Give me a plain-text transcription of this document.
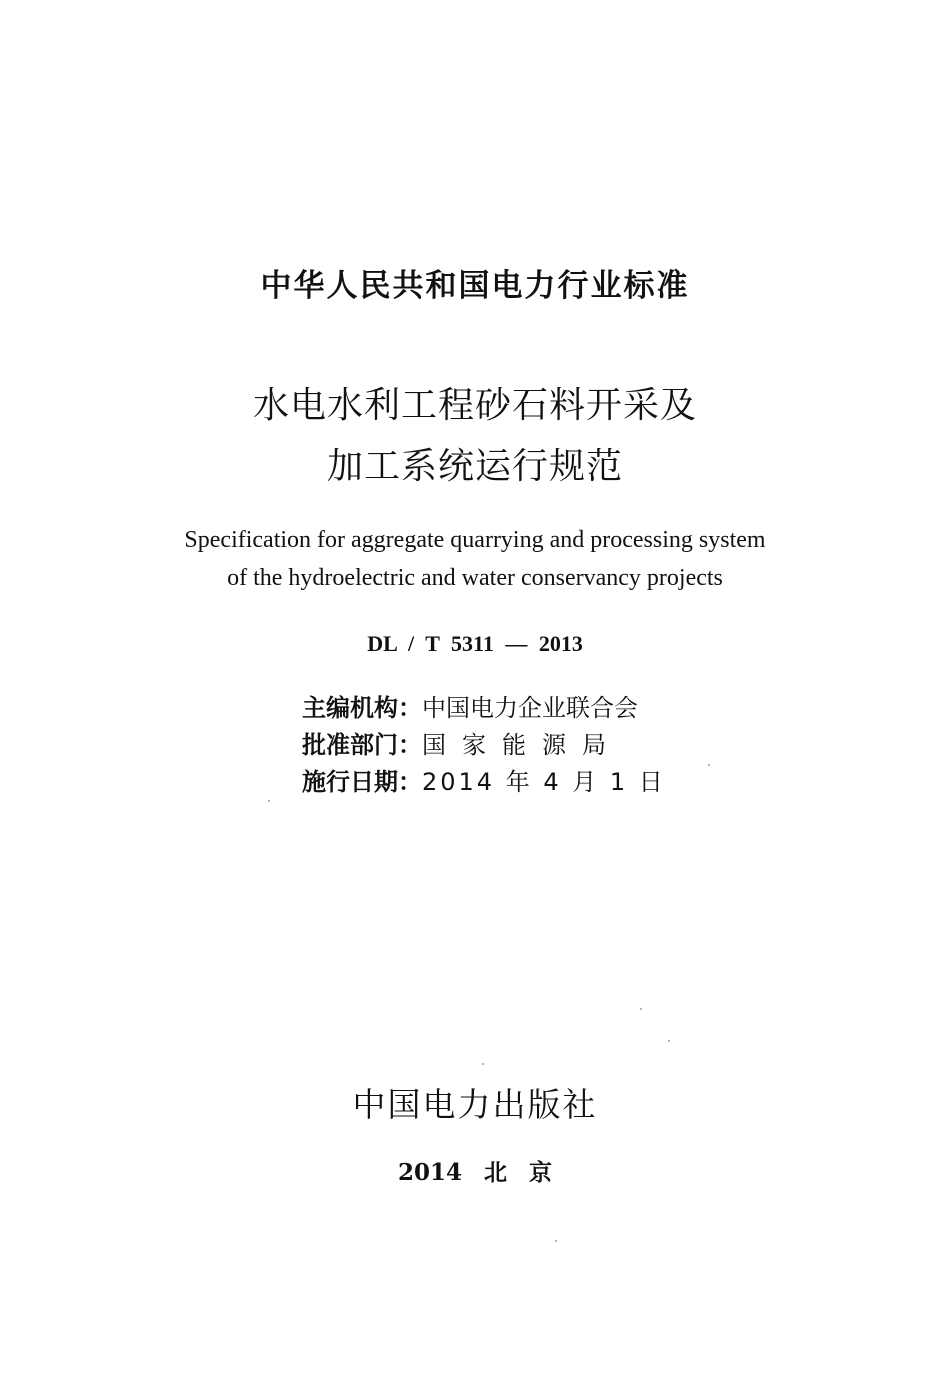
中华人民共和国电力行业标准
水电水利工程砂石料开采及
加工系统运行规范
Specification for aggregate quarrying and processing system
of the hydroelectric and water conservancy projects
DL / T 5311 — 2013
主编机构：中国电力企业联合会
批准部门：国家能源局
施行日期：2014 年 4 月 1 日
中国电力出版社
2014 北 京
